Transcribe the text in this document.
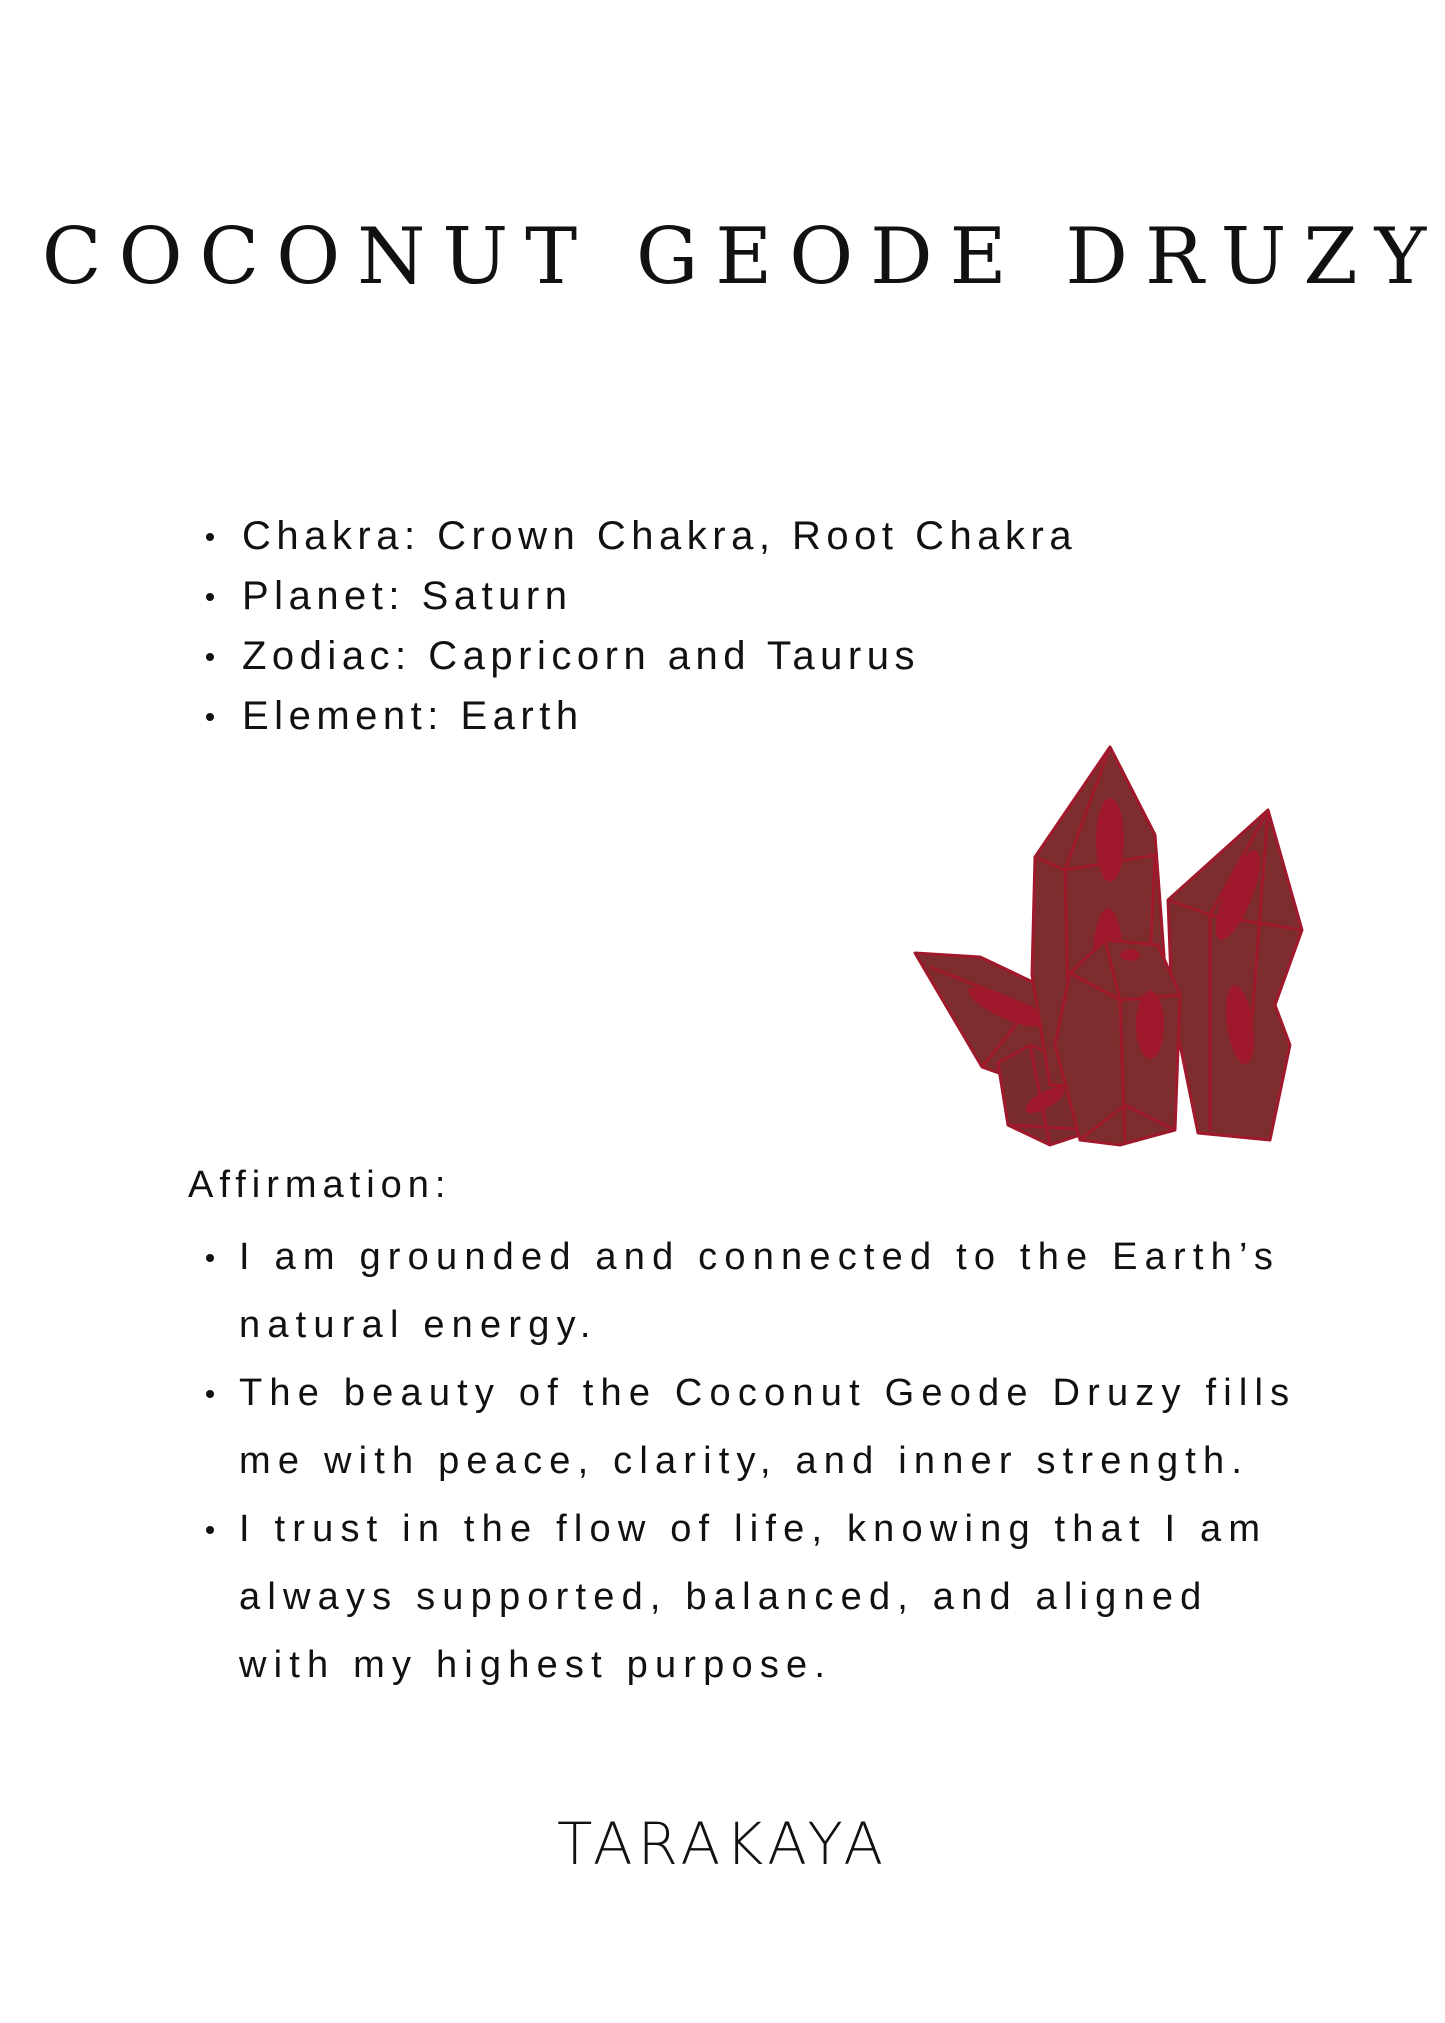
COCONUT GEODE DRUZY
Chakra: Crown Chakra, Root Chakra
Planet: Saturn
Zodiac: Capricorn and Taurus
Element: Earth
Affirmation:
I am grounded and connected to the Earth’s natural energy.
The beauty of the Coconut Geode Druzy fills me with peace, clarity, and inner strength.
I trust in the flow of life, knowing that I am always supported, balanced, and aligned with my highest purpose.
TARAKAYA
